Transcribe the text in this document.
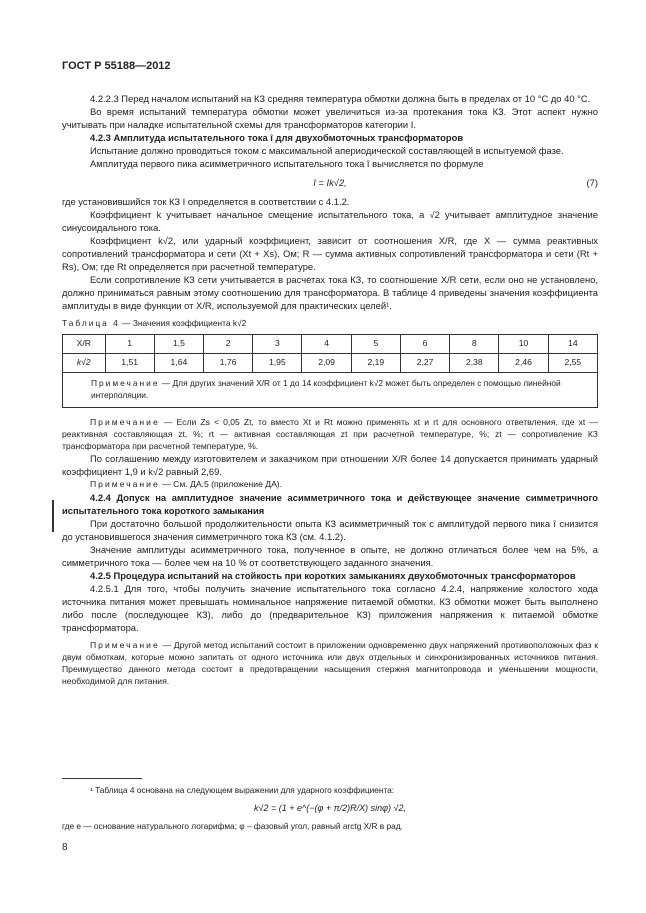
ГОСТ Р 55188—2012

4.2.2.3 Перед началом испытаний на КЗ средняя температура обмотки должна быть в пределах от 10 °С до 40 °С.

Во время испытаний температура обмотки может увеличиться из-за протекания тока КЗ. Этот аспект нужно учитывать при наладке испытательной схемы для трансформаторов категории I.

4.2.3 Амплитуда испытательного тока î для двухобмоточных трансформаторов

Испытание должно проводиться током с максимальной апериодической составляющей в испытуемой фазе.

Амплитуда первого пика асимметричного испытательного тока î вычисляется по формуле

î = Ik√2,	(7)

где установившийся ток КЗ I определяется в соответствии с 4.1.2.

Коэффициент k учитывает начальное смещение испытательного тока, а √2 учитывает амплитудное значение синусоидального тока.

Коэффициент k√2, или ударный коэффициент, зависит от соотношения X/R, где X — сумма реактивных сопротивлений трансформатора и сети (Xt + Xs), Ом; R — сумма активных сопротивлений трансформатора и сети (Rt + Rs), Ом; где Rt определяется при расчетной температуре.

Если сопротивление КЗ сети учитывается в расчетах тока КЗ, то соотношение X/R сети, если оно не установлено, должно приниматься равным этому соотношению для трансформатора. В таблице 4 приведены значения коэффициента амплитуды в виде функции от X/R, используемой для практических целей¹.

Таблица 4 — Значения коэффициента k√2
X/R	1	1,5	2	3	4	5	6	8	10	14
k√2	1,51	1,64	1,76	1,95	2,09	2,19	2,27	2,38	2,46	2,55
Примечание — Для других значений X/R от 1 до 14 коэффициент k√2 может быть определен с помощью линейной интерполяции.										

Примечание — Если Zs < 0,05 Zt, то вместо Xt и Rt можно применять xt и rt для основного ответвления, где xt — реактивная составляющая zt, %; rt — активная составляющая zt при расчетной температуре, %; zt — сопротивление КЗ трансформатора при расчетной температуре, %.

По соглашению между изготовителем и заказчиком при отношении X/R более 14 допускается принимать ударный коэффициент 1,9 и k√2 равный 2,69.

Примечание — См. ДА.5 (приложение ДА).

4.2.4 Допуск на амплитудное значение асимметричного тока и действующее значение симметричного испытательного тока короткого замыкания

При достаточно большой продолжительности опыта КЗ асимметричный ток с амплитудой первого пика î снизится до установившегося значения симметричного тока КЗ (см. 4.1.2).

Значение амплитуды асимметричного тока, полученное в опыте, не должно отличаться более чем на 5%, а симметричного тока — более чем на 10 % от соответствующего заданного значения.

4.2.5 Процедура испытаний на стойкость при коротких замыканиях двухобмоточных трансформаторов

4.2.5.1 Для того, чтобы получить значение испытательного тока согласно 4.2.4, напряжение холостого хода источника питания может превышать номинальное напряжение питаемой обмотки. КЗ обмотки может быть выполнено либо после (последующее КЗ), либо до (предварительное КЗ) приложения напряжения к питаемой обмотке трансформатора.

Примечание — Другой метод испытаний состоит в приложении одновременно двух напряжений противоположных фаз к двум обмоткам, которые можно запитать от одного источника или двух отдельных и синхронизированных источников питания. Преимущество данного метода состоит в предотвращении насыщения стержня магнитопровода и уменьшении мощности, необходимой для питания.

¹ Таблица 4 основана на следующем выражении для ударного коэффициента:

k√2 = (1 + e^(−(φ + π/2)R/X) sinφ) √2,

где e — основание натурального логарифма; φ – фазовый угол, равный arctg X/R в рад.

8
